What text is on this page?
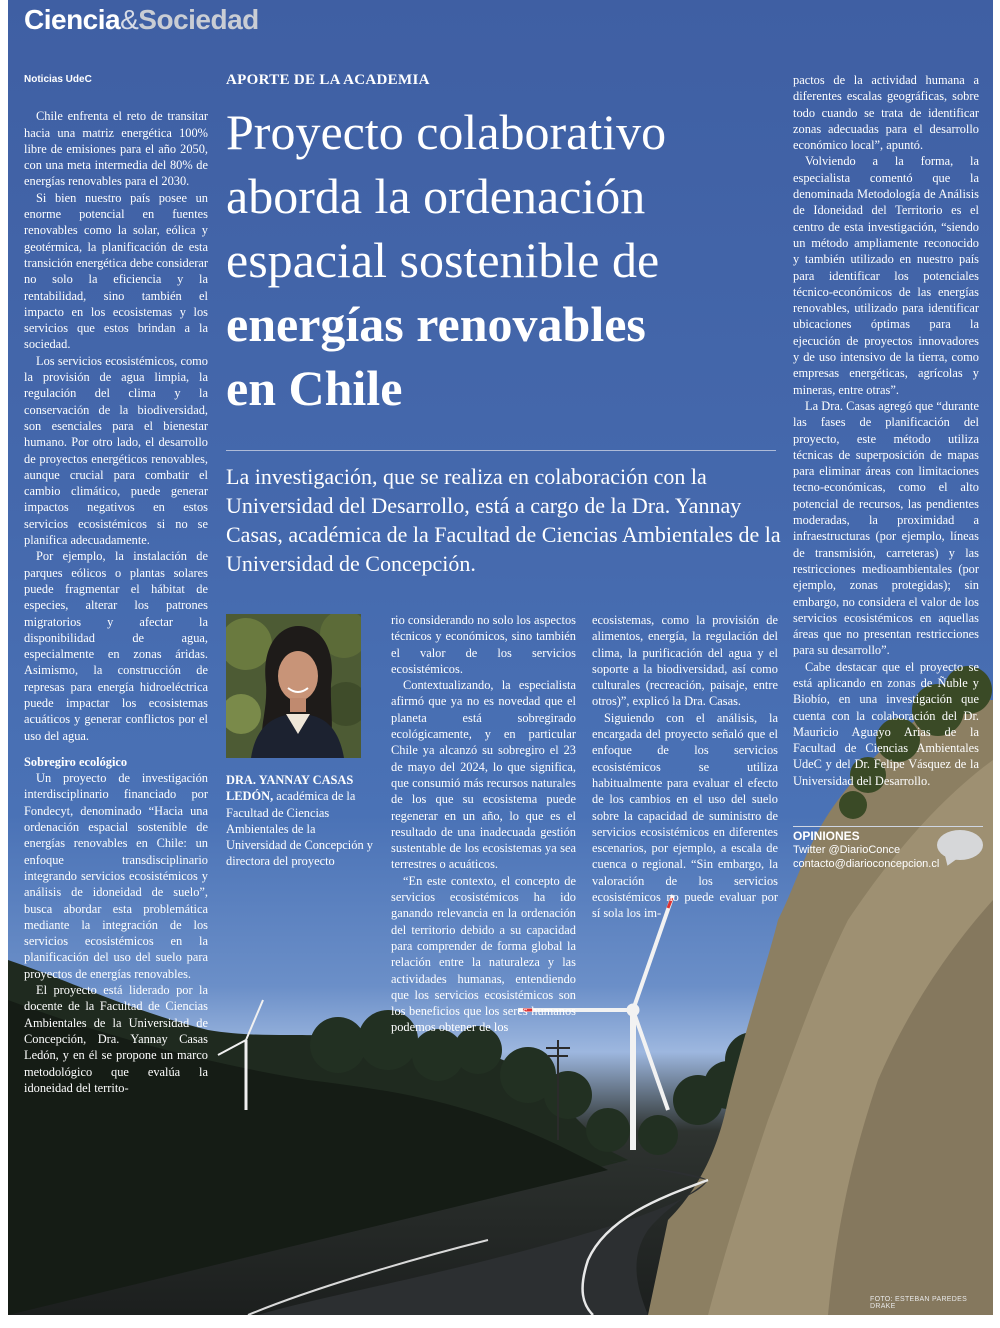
Ciencia&Sociedad
Noticias UdeC

Chile enfrenta el reto de transitar hacia una matriz energética 100% libre de emisiones para el año 2050, con una meta intermedia del 80% de energías renovables para el 2030.

Si bien nuestro país posee un enorme potencial en fuentes renovables como la solar, eólica y geotérmica, la planificación de esta transición energética debe considerar no solo la eficiencia y la rentabilidad, sino también el impacto en los ecosistemas y los servicios que estos brindan a la sociedad.

Los servicios ecosistémicos, como la provisión de agua limpia, la regulación del clima y la conservación de la biodiversidad, son esenciales para el bienestar humano. Por otro lado, el desarrollo de proyectos energéticos renovables, aunque crucial para combatir el cambio climático, puede generar impactos negativos en estos servicios ecosistémicos si no se planifica adecuadamente.

Por ejemplo, la instalación de parques eólicos o plantas solares puede fragmentar el hábitat de especies, alterar los patrones migratorios y afectar la disponibilidad de agua, especialmente en zonas áridas. Asimismo, la construcción de represas para energía hidroeléctrica puede impactar los ecosistemas acuáticos y generar conflictos por el uso del agua.

Sobregiro ecológico

Un proyecto de investigación interdisciplinario financiado por Fondecyt, denominado “Hacia una ordenación espacial sostenible de energías renovables en Chile: un enfoque transdisciplinario integrando servicios ecosistémicos y análisis de idoneidad de suelo”, busca abordar esta problemática mediante la integración de los servicios ecosistémicos en la planificación del uso del suelo para proyectos de energías renovables.

El proyecto está liderado por la docente de la Facultad de Ciencias Ambientales de la Universidad de Concepción, Dra. Yannay Casas Ledón, y en él se propone un marco metodológico que evalúa la idoneidad del territo-

APORTE DE LA ACADEMIA
Proyecto colaborativo
aborda la ordenación
espacial sostenible de
energías renovables
en Chile
La investigación, que se realiza en colaboración con la Universidad del Desarrollo, está a cargo de la Dra. Yannay Casas, académica de la Facultad de Ciencias Ambientales de la Universidad de Concepción.
DRA. YANNAY CASAS LEDÓN, académica de la Facultad de Ciencias Ambientales de la Universidad de Concepción y directora del proyecto

rio considerando no solo los aspectos técnicos y económicos, sino también el valor de los servicios ecosistémicos.

Contextualizando, la especialista afirmó que ya no es novedad que el planeta está sobregirado ecológicamente, y en particular Chile ya alcanzó su sobregiro el 23 de mayo del 2024, lo que significa, que consumió más recursos naturales de los que su ecosistema puede regenerar en un año, lo que es el resultado de una inadecuada gestión sustentable de los ecosistemas ya sea terrestres o acuáticos.

“En este contexto, el concepto de servicios ecosistémicos ha ido ganando relevancia en la ordenación del territorio debido a su capacidad para comprender de forma global la relación entre la naturaleza y las actividades humanas, entendiendo que los servicios ecosistémicos son los beneficios que los seres humanos podemos obtener de los

ecosistemas, como la provisión de alimentos, energía, la regulación del clima, la purificación del agua y el soporte a la biodiversidad, así como culturales (recreación, paisaje, entre otros)”, explicó la Dra. Casas.

Siguiendo con el análisis, la encargada del proyecto señaló que el enfoque de los servicios ecosistémicos se utiliza habitualmente para evaluar el efecto de los cambios en el uso del suelo sobre la capacidad de suministro de servicios ecosistémicos en diferentes escenarios, por ejemplo, a escala de cuenca o regional. “Sin embargo, la valoración de los servicios ecosistémicos no puede evaluar por sí sola los im-

pactos de la actividad humana a diferentes escalas geográficas, sobre todo cuando se trata de identificar zonas adecuadas para el desarrollo económico local”, apuntó.

Volviendo a la forma, la especialista comentó que la denominada Metodología de Análisis de Idoneidad del Territorio es el centro de esta investigación, “siendo un método ampliamente reconocido y también utilizado en nuestro país para identificar los potenciales técnico-económicos de las energías renovables, utilizado para identificar ubicaciones óptimas para la ejecución de proyectos innovadores y de uso intensivo de la tierra, como empresas energéticas, agrícolas y mineras, entre otras”.

La Dra. Casas agregó que “durante las fases de planificación del proyecto, este método utiliza técnicas de superposición de mapas para eliminar áreas con limitaciones tecno-económicas, como el alto potencial de recursos, las pendientes moderadas, la proximidad a infraestructuras (por ejemplo, líneas de transmisión, carreteras) y las restricciones medioambientales (por ejemplo, zonas protegidas); sin embargo, no considera el valor de los servicios ecosistémicos en aquellas áreas que no presentan restricciones para su desarrollo”.

Cabe destacar que el proyecto se está aplicando en zonas de Ñuble y Biobío, en una investigación que cuenta con la colaboración del Dr. Mauricio Aguayo Arias de la Facultad de Ciencias Ambientales UdeC y del Dr. Felipe Vásquez de la Universidad del Desarrollo.

OPINIONES
Twitter @DiarioConce
contacto@diarioconcepcion.cl
FOTO: ESTEBAN PAREDES DRAKE
